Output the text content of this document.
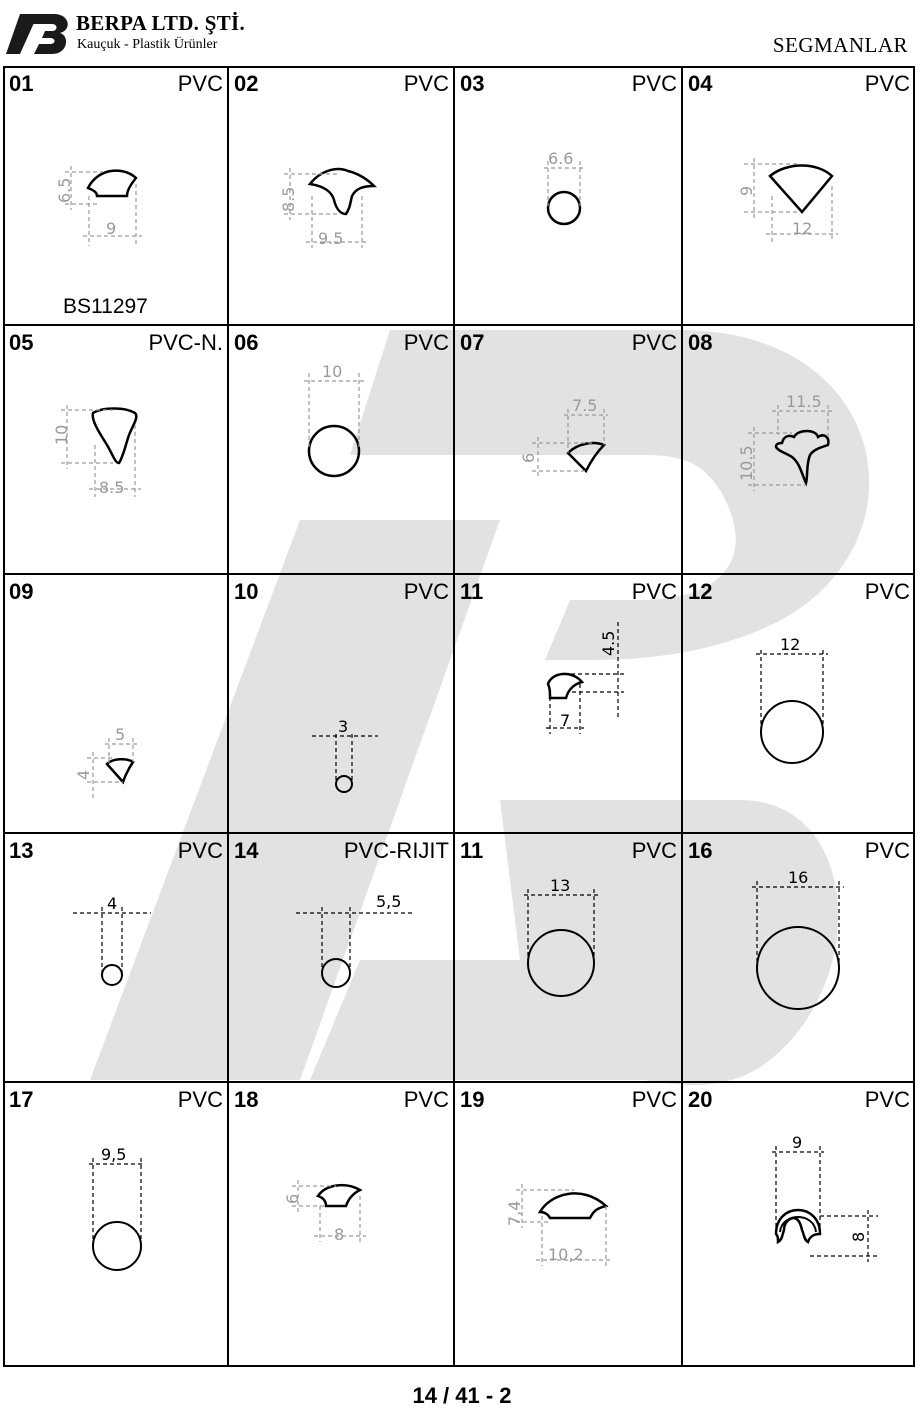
BERPA LTD. ŞTİ.
Kauçuk - Plastik Ürünler	SEGMANLAR
01	PVC
6.5
9
BS11297
02	PVC
8.5
9.5
03	PVC
6.6
04	PVC
9
12
05	PVC-N.
10
8.5
06	PVC
10
07	PVC
7.5
6
08
11.5
10.5
09
5
4
10	PVC
3
11	PVC
4.5
7
12	PVC
12
13	PVC
4
14	PVC-RIJIT
5,5
11	PVC
13
16	PVC
16
17	PVC
9,5
18	PVC
6
8
19	PVC
7,4
10,2
20	PVC
9
8
14 / 41 - 2
